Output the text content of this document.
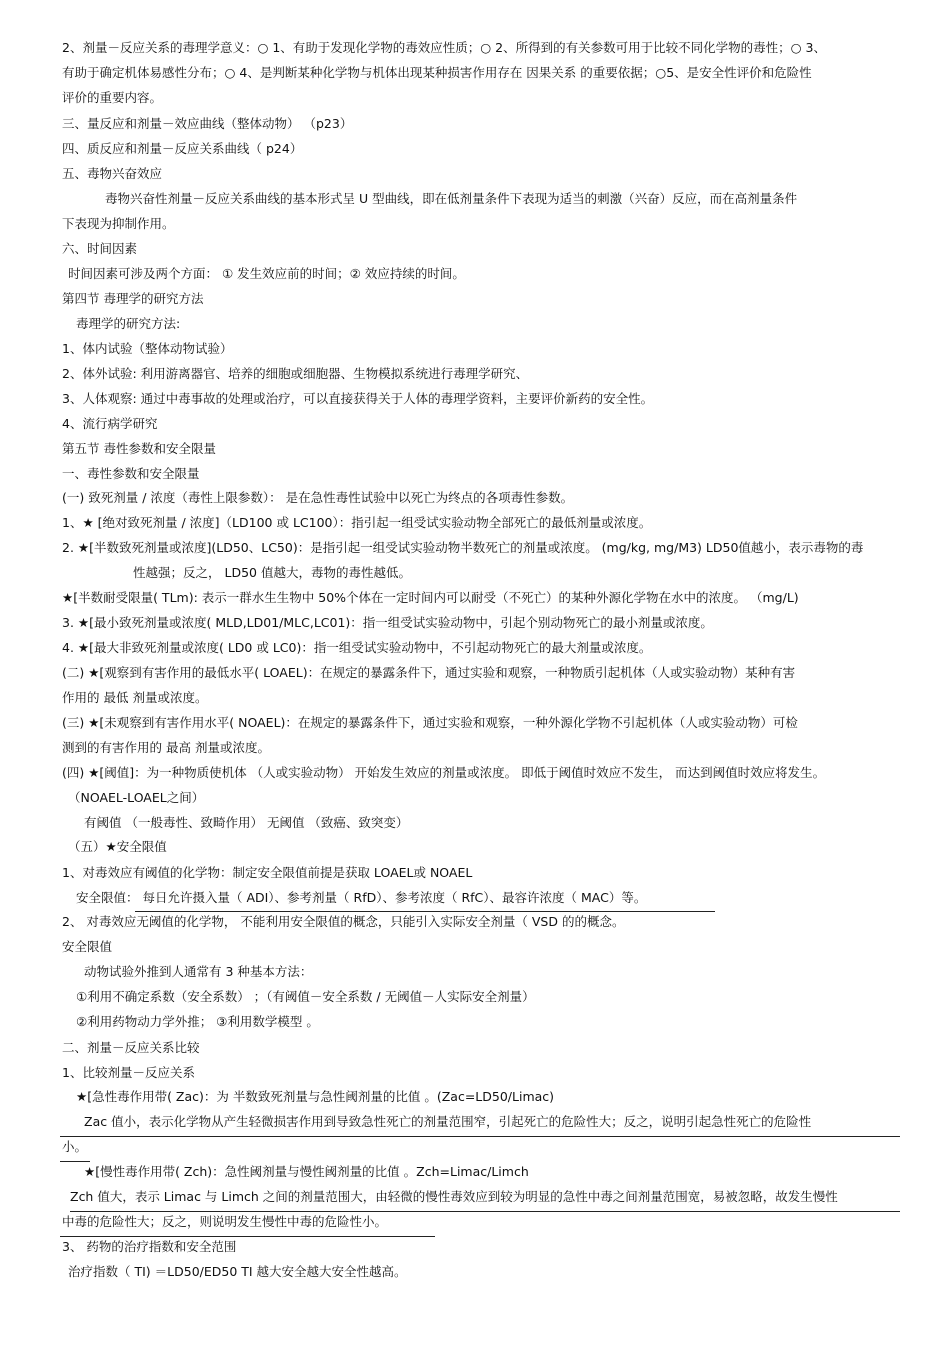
2、剂量－反应关系的毒理学意义：○ 1、有助于发现化学物的毒效应性质；○ 2、所得到的有关参数可用于比较不同化学物的毒性；○ 3、
有助于确定机体易感性分布；○ 4、是判断某种化学物与机体出现某种损害作用存在 因果关系 的重要依据；○5、是安全性评价和危险性
评价的重要内容。
三、量反应和剂量－效应曲线（整体动物） （p23）
四、质反应和剂量－反应关系曲线（ p24）
五、毒物兴奋效应
毒物兴奋性剂量－反应关系曲线的基本形式呈 U 型曲线，即在低剂量条件下表现为适当的刺激（兴奋）反应，而在高剂量条件
下表现为抑制作用。
六、时间因素
时间因素可涉及两个方面： ① 发生效应前的时间；② 效应持续的时间。
第四节 毒理学的研究方法
毒理学的研究方法:
1、体内试验（整体动物试验）
2、体外试验: 利用游离器官、培养的细胞或细胞器、生物模拟系统进行毒理学研究、
3、人体观察: 通过中毒事故的处理或治疗，可以直接获得关于人体的毒理学资料，主要评价新药的安全性。
4、流行病学研究
第五节 毒性参数和安全限量
一、毒性参数和安全限量
(一) 致死剂量 / 浓度（毒性上限参数）： 是在急性毒性试验中以死亡为终点的各项毒性参数。
1、★ [绝对致死剂量 / 浓度]（LD100 或 LC100）：指引起一组受试实验动物全部死亡的最低剂量或浓度。
2. ★[半数致死剂量或浓度](LD50、LC50)：是指引起一组受试实验动物半数死亡的剂量或浓度。 (mg/kg, mg/M3) LD50值越小，表示毒物的毒
性越强；反之， LD50 值越大，毒物的毒性越低。
★[半数耐受限量( TLm): 表示一群水生生物中 50%个体在一定时间内可以耐受（不死亡）的某种外源化学物在水中的浓度。 （mg/L)
3. ★[最小致死剂量或浓度( MLD,LD01/MLC,LC01)：指一组受试实验动物中，引起个别动物死亡的最小剂量或浓度。
4. ★[最大非致死剂量或浓度( LD0 或 LC0)：指一组受试实验动物中，不引起动物死亡的最大剂量或浓度。
(二) ★[观察到有害作用的最低水平( LOAEL)：在规定的暴露条件下，通过实验和观察，一种物质引起机体（人或实验动物）某种有害
作用的 最低 剂量或浓度。
(三) ★[未观察到有害作用水平( NOAEL)：在规定的暴露条件下，通过实验和观察，一种外源化学物不引起机体（人或实验动物）可检
测到的有害作用的 最高 剂量或浓度。
(四) ★[阈值]：为一种物质使机体 （人或实验动物） 开始发生效应的剂量或浓度。 即低于阈值时效应不发生， 而达到阈值时效应将发生。
（NOAEL-LOAEL之间）
有阈值 （一般毒性、致畸作用） 无阈值 （致癌、致突变）
（五）★安全限值
1、对毒效应有阈值的化学物：制定安全限值前提是获取 LOAEL或 NOAEL
安全限值： 每日允许摄入量（ ADI）、参考剂量（ RfD）、参考浓度（ RfC）、最容许浓度（ MAC）等。
2、 对毒效应无阈值的化学物， 不能利用安全限值的概念，只能引入实际安全剂量（ VSD 的的概念。
安全限值
动物试验外推到人通常有 3 种基本方法：
①利用不确定系数（安全系数） ；（有阈值－安全系数 / 无阈值－人实际安全剂量）
②利用药物动力学外推； ③利用数学模型 。
二、剂量－反应关系比较
1、比较剂量－反应关系
★[急性毒作用带( Zac)：为 半数致死剂量与急性阈剂量的比值 。(Zac=LD50/Limac)
Zac 值小，表示化学物从产生轻微损害作用到导致急性死亡的剂量范围窄，引起死亡的危险性大；反之，说明引起急性死亡的危险性
小。
★[慢性毒作用带( Zch)：急性阈剂量与慢性阈剂量的比值 。Zch=Limac/Limch
Zch 值大，表示 Limac 与 Limch 之间的剂量范围大，由轻微的慢性毒效应到较为明显的急性中毒之间剂量范围宽，易被忽略，故发生慢性
中毒的危险性大；反之，则说明发生慢性中毒的危险性小。
3、 药物的治疗指数和安全范围
治疗指数（ TI) ＝LD50/ED50 TI 越大安全越大安全性越高。
